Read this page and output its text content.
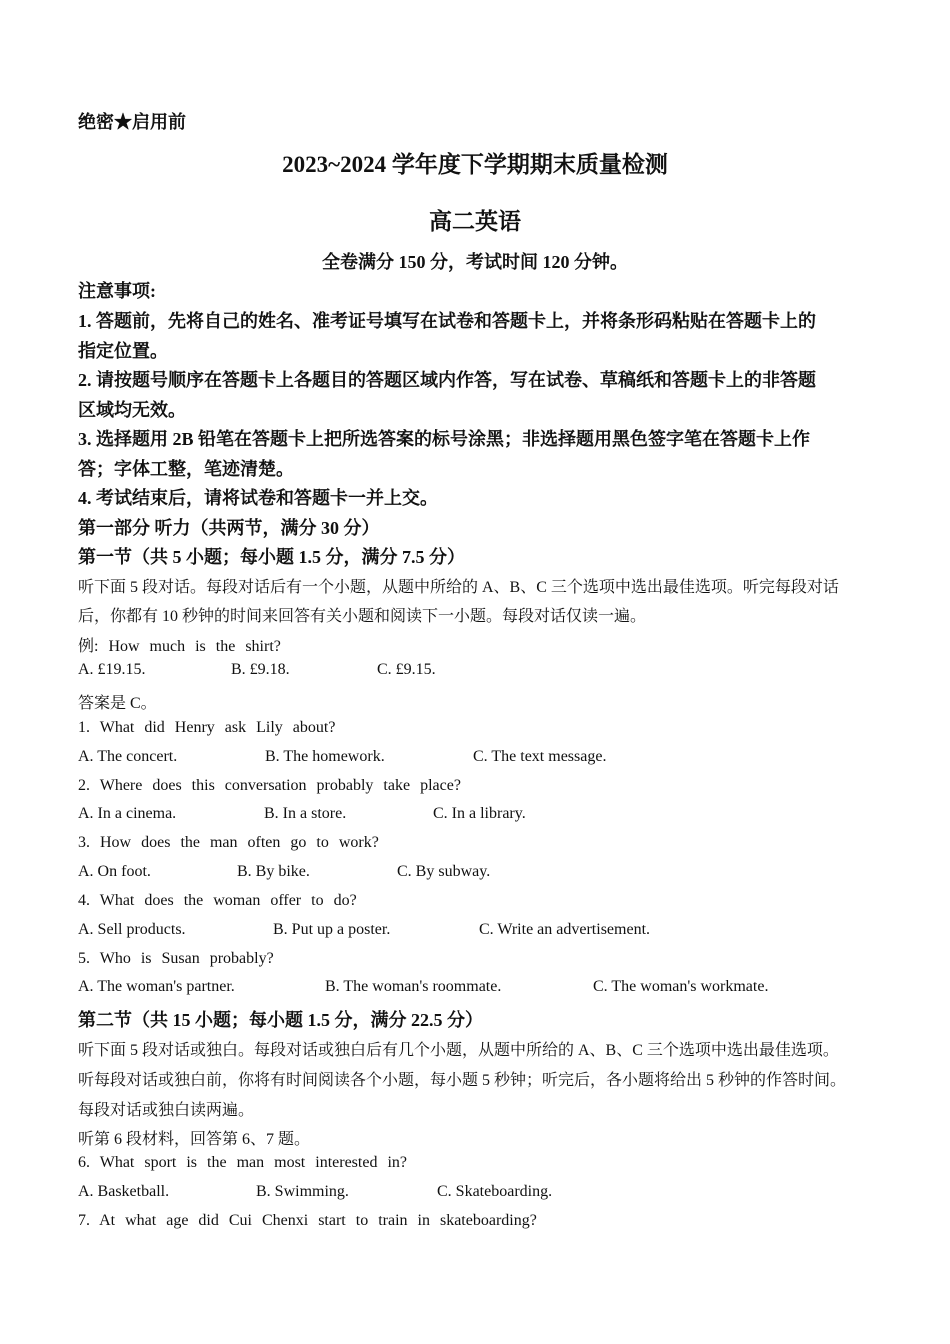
绝密★启用前
2023~2024 学年度下学期期末质量检测
高二英语
全卷满分 150 分，考试时间 120 分钟。
注意事项:
1. 答题前，先将自己的姓名、准考证号填写在试卷和答题卡上，并将条形码粘贴在答题卡上的
指定位置。
2. 请按题号顺序在答题卡上各题目的答题区域内作答，写在试卷、草稿纸和答题卡上的非答题
区域均无效。
3. 选择题用 2B 铅笔在答题卡上把所选答案的标号涂黑；非选择题用黑色签字笔在答题卡上作
答；字体工整，笔迹清楚。
4. 考试结束后，请将试卷和答题卡一并上交。
第一部分 听力（共两节，满分 30 分）
第一节（共 5 小题；每小题 1.5 分，满分 7.5 分）
听下面 5 段对话。每段对话后有一个小题，从题中所给的 A、B、C 三个选项中选出最佳选项。听完每段对话
后，你都有 10 秒钟的时间来回答有关小题和阅读下一小题。每段对话仅读一遍。
例: How much is the shirt?
A. £19.15.	B. £9.18.	C. £9.15.
答案是 C。
1. What did Henry ask Lily about?
A. The concert.	B. The homework.	C. The text message.
2. Where does this conversation probably take place?
A. In a cinema.	B. In a store.	C. In a library.
3. How does the man often go to work?
A. On foot.	B. By bike.	C. By subway.
4. What does the woman offer to do?
A. Sell products.	B. Put up a poster.	C. Write an advertisement.
5. Who is Susan probably?
A. The woman's partner.	B. The woman's roommate.	C. The woman's workmate.
第二节（共 15 小题；每小题 1.5 分，满分 22.5 分）
听下面 5 段对话或独白。每段对话或独白后有几个小题，从题中所给的 A、B、C 三个选项中选出最佳选项。
听每段对话或独白前，你将有时间阅读各个小题，每小题 5 秒钟；听完后，各小题将给出 5 秒钟的作答时间。
每段对话或独白读两遍。
听第 6 段材料，回答第 6、7 题。
6. What sport is the man most interested in?
A. Basketball.	B. Swimming.	C. Skateboarding.
7. At what age did Cui Chenxi start to train in skateboarding?
